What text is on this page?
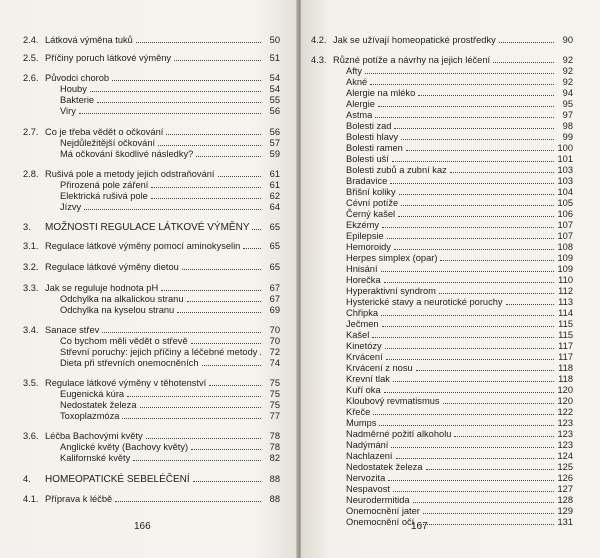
2.4. Látková výměna tuků	50
2.5. Příčiny poruch látkové výměny	51
2.6. Původci chorob	54
Houby	54
Bakterie	55
Viry	56
2.7. Co je třeba vědět o očkování	56
Nejdůležitější očkování	57
Má očkování škodlivé následky?	59
2.8. Rušivá pole a metody jejich odstraňování	61
Přirozená pole záření	61
Elektrická rušivá pole	62
Jízvy	64
3.	MOŽNOSTI REGULACE LÁTKOVÉ VÝMĚNY	65
3.1. Regulace látkové výměny pomocí aminokyselin	65
3.2. Regulace látkové výměny dietou	65
3.3. Jak se reguluje hodnota pH	67
Odchylka na alkalickou stranu	67
Odchylka na kyselou stranu	69
3.4. Sanace střev	70
Co bychom měli vědět o střevě	70
Střevní poruchy: jejich příčiny a léčebné metody	72
Dieta při střevních onemocněních	74
3.5. Regulace látkové výměny v těhotenství	75
Eugenická kúra	75
Nedostatek železa	75
Toxoplazmóza	77
3.6. Léčba Bachovými květy	78
Anglické květy (Bachovy květy)	78
Kalifornské květy	82
4.	HOMEOPATICKÉ SEBELÉČENÍ	88
4.1. Příprava k léčbě	88
166
4.2. Jak se užívají homeopatické prostředky	90
4.3. Různé potíže a návrhy na jejich léčení	92
Afty	92
Akné	92
Alergie na mléko	94
Alergie	95
Astma	97
Bolesti zad	98
Bolesti hlavy	99
Bolesti ramen	100
Bolesti uší	101
Bolesti zubů a zubní kaz	103
Bradavice	103
Břišní koliky	104
Cévní potíže	105
Černý kašel	106
Ekzémy	107
Epilepsie	107
Hemoroidy	108
Herpes simplex (opar)	109
Hnisání	109
Horečka	110
Hyperaktivní syndrom	112
Hysterické stavy a neurotické poruchy	113
Chřipka	114
Ječmen	115
Kašel	115
Kinetózy	117
Krvácení	117
Krvácení z nosu	118
Krevní tlak	118
Kuří oka	120
Kloubový revmatismus	120
Křeče	122
Mumps	123
Nadměrné požití alkoholu	123
Nadýmání	123
Nachlazení	124
Nedostatek železa	125
Nervozita	126
Nespavost	127
Neurodermitida	128
Onemocnění jater	129
Onemocnění očí	131
167
